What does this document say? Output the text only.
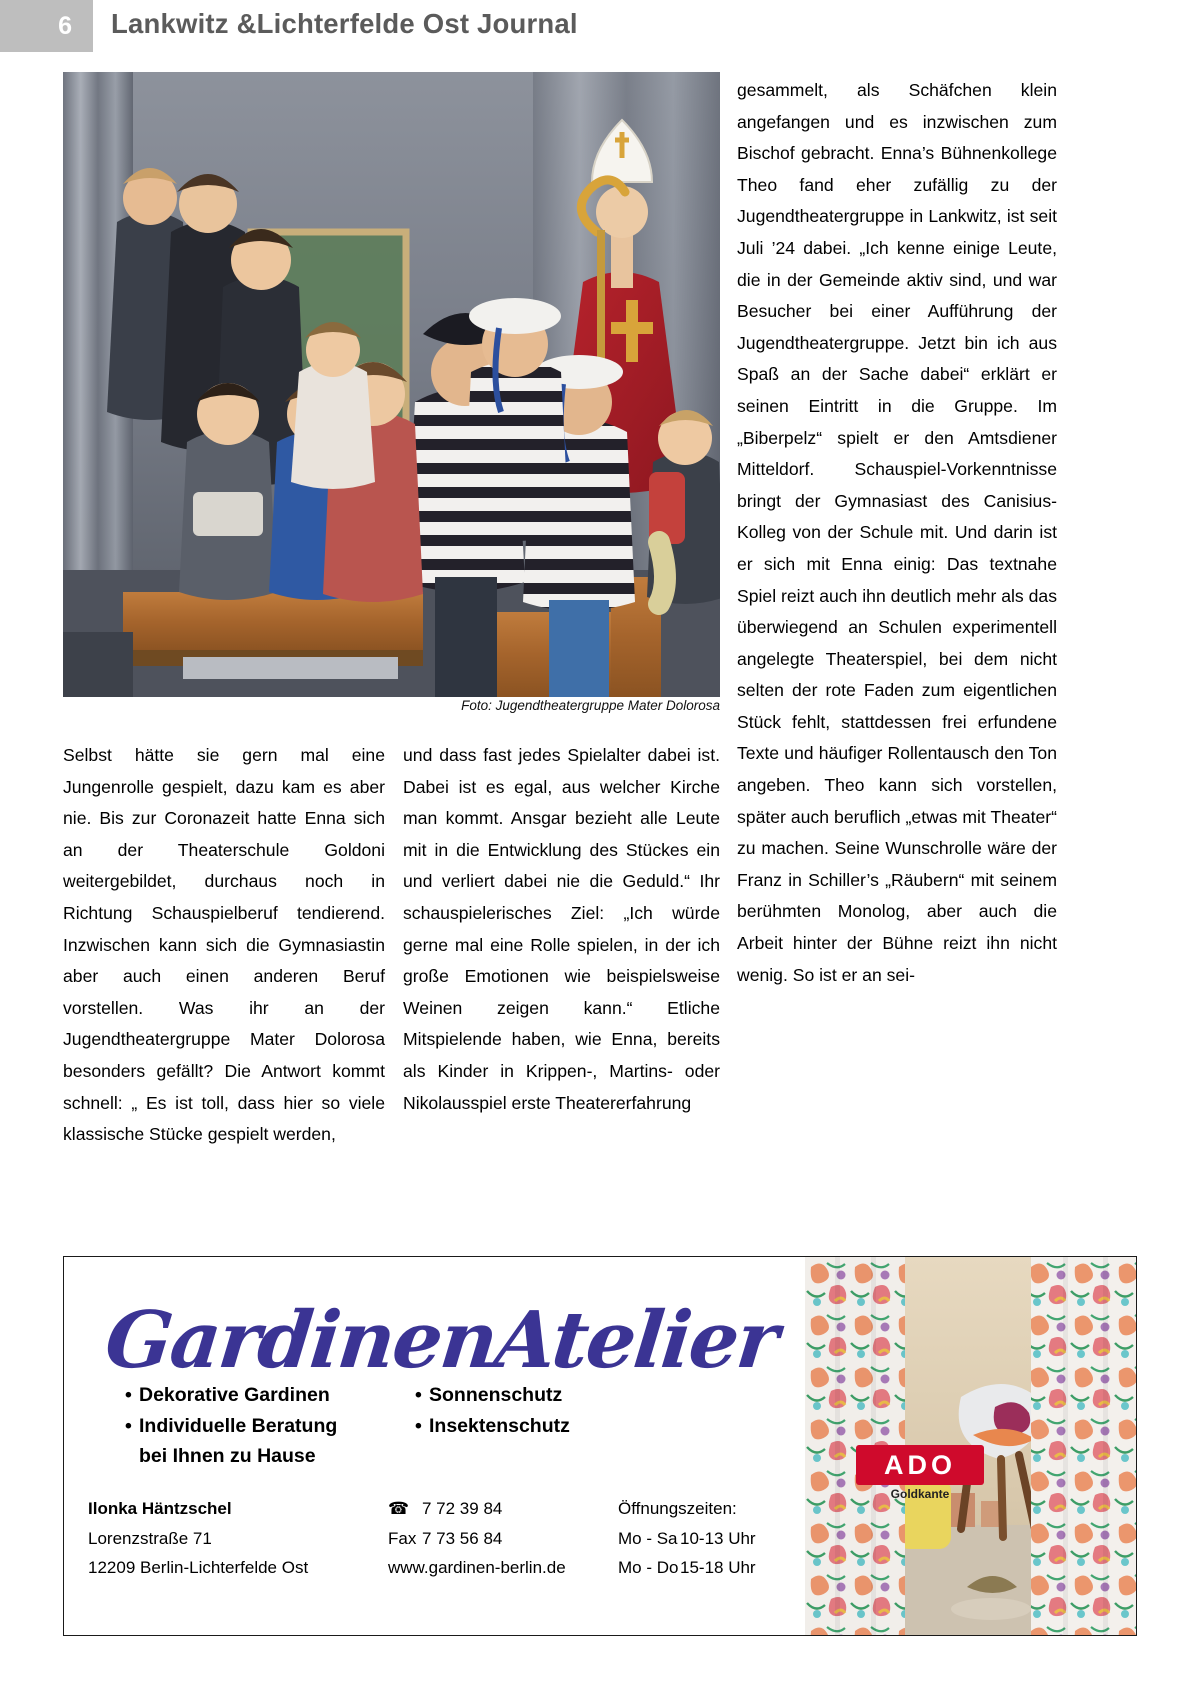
6	Lankwitz &Lichterfelde Ost Journal
Foto: Jugendtheatergruppe Mater Dolorosa

Selbst hätte sie gern mal eine Jungenrolle gespielt, dazu kam es aber nie. Bis zur Coronazeit hatte Enna sich an der Theaterschule Goldoni weitergebildet, durchaus noch in Richtung Schauspielberuf tendierend. Inzwischen kann sich die Gymnasiastin aber auch einen anderen Beruf vorstellen. Was ihr an der Jugendtheatergruppe Mater Dolorosa besonders gefällt? Die Antwort kommt schnell: „ Es ist toll, dass hier so viele klassische Stücke gespielt werden,

und dass fast jedes Spielalter dabei ist. Dabei ist es egal, aus welcher Kirche man kommt. Ansgar bezieht alle Leute mit in die Entwicklung des Stückes ein und verliert dabei nie die Geduld.“ Ihr schauspielerisches Ziel: „Ich würde gerne mal eine Rolle spielen, in der ich große Emotionen wie beispielsweise Weinen zeigen kann.“ Etliche Mitspielende haben, wie Enna, bereits als Kinder in Krippen-, Martins- oder Nikolausspiel erste Theatererfahrung

gesammelt, als Schäfchen klein angefangen und es inzwischen zum Bischof gebracht. Enna’s Bühnenkollege Theo fand eher zufällig zu der Jugendtheatergruppe in Lankwitz, ist seit Juli ’24 dabei. „Ich kenne einige Leute, die in der Gemeinde aktiv sind, und war Besucher bei einer Aufführung der Jugendtheatergruppe. Jetzt bin ich aus Spaß an der Sache dabei“ erklärt er seinen Eintritt in die Gruppe. Im „Biberpelz“ spielt er den Amtsdiener Mitteldorf. Schauspiel-Vorkenntnisse bringt der Gymnasiast des Canisius-Kolleg von der Schule mit. Und darin ist er sich mit Enna einig: Das textnahe Spiel reizt auch ihn deutlich mehr als das überwiegend an Schulen experimentell angelegte Theaterspiel, bei dem nicht selten der rote Faden zum eigentlichen Stück fehlt, stattdessen frei erfundene Texte und häufiger Rollentausch den Ton angeben. Theo kann sich vorstellen, später auch beruflich „etwas mit Theater“ zu machen. Seine Wunschrolle wäre der Franz in Schiller’s „Räubern“ mit seinem berühmten Monolog, aber auch die Arbeit hinter der Bühne reizt ihn nicht wenig. So ist er an sei-

GardinenAtelier
• Dekorative Gardinen
• Individuelle Beratung
bei Ihnen zu Hause
• Sonnenschutz
• Insektenschutz
Ilonka Häntzschel
Lorenzstraße 71
12209 Berlin-Lichterfelde Ost
☎ 7 72 39 84
Fax 7 73 56 84
www.gardinen-berlin.de
Öffnungszeiten:
Mo - Sa 10-13 Uhr
Mo - Do15-18 Uhr
ADO
Goldkante
